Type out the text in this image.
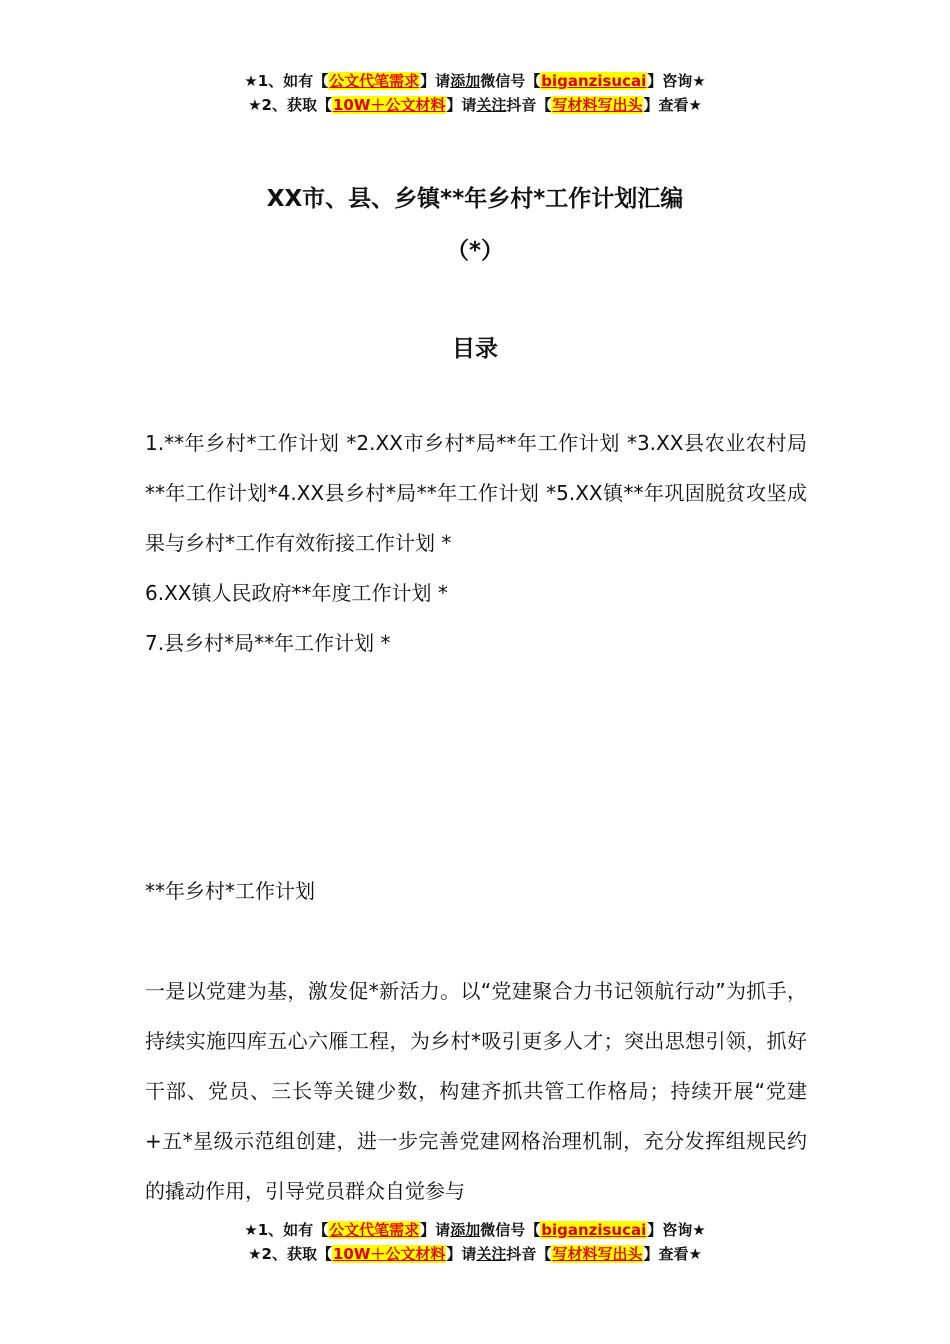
★1、如有【公文代笔需求】请添加微信号【biganzisucai】咨询★
★2、获取【10W＋公文材料】请关注抖音【写材料写出头】查看★
XX市、县、乡镇**年乡村*工作计划汇编
（*）
目录
1.**年乡村*工作计划 *2.XX市乡村*局**年工作计划 *3.XX县农业农村局**年工作计划*4.XX县乡村*局**年工作计划 *5.XX镇**年巩固脱贫攻坚成果与乡村*工作有效衔接工作计划 *
6.XX镇人民政府**年度工作计划 *
7.县乡村*局**年工作计划 *
**年乡村*工作计划
一是以党建为基，激发促*新活力。以“党建聚合力书记领航行动”为抓手，持续实施四库五心六雁工程，为乡村*吸引更多人才；突出思想引领，抓好干部、党员、三长等关键少数，构建齐抓共管工作格局；持续开展“党建+五*星级示范组创建，进一步完善党建网格治理机制，充分发挥组规民约的撬动作用，引导党员群众自觉参与
★1、如有【公文代笔需求】请添加微信号【biganzisucai】咨询★
★2、获取【10W＋公文材料】请关注抖音【写材料写出头】查看★
